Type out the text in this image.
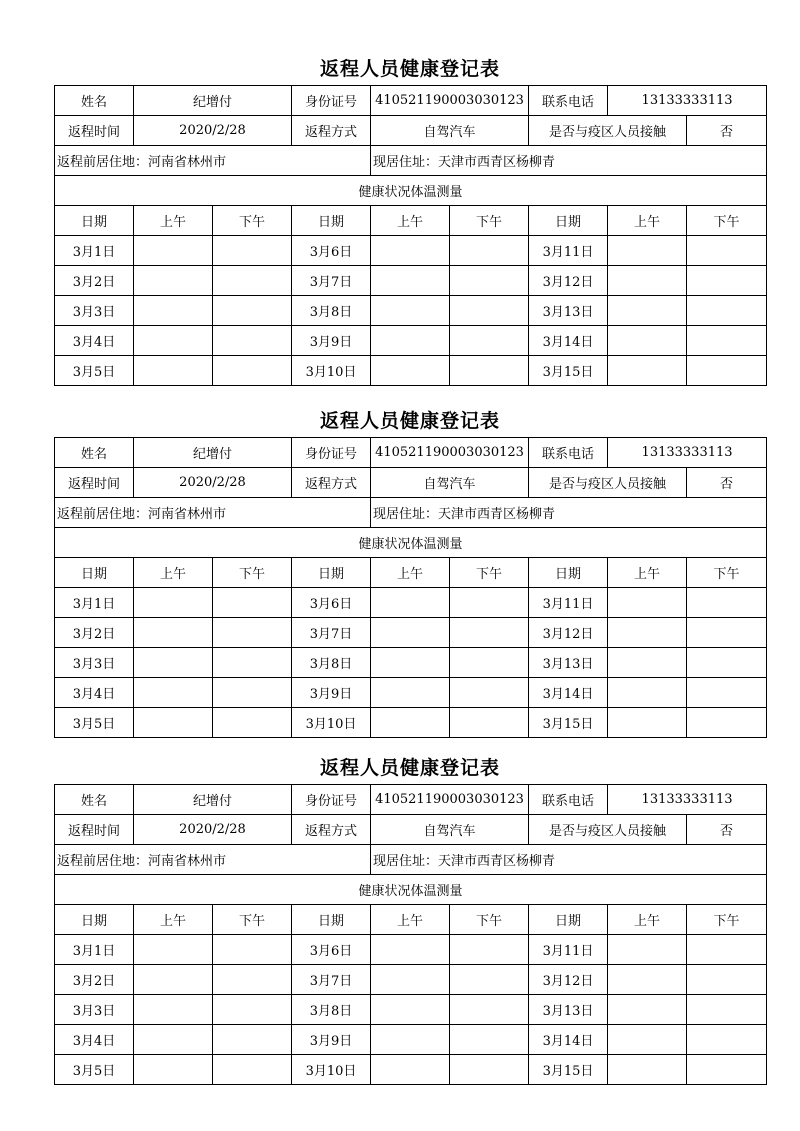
返程人员健康登记表
姓名	纪增付		身份证号	410521190003030123		联系电话	13133333113	
返程时间	2020/2/28		返程方式	自驾汽车		是否与疫区人员接触		否
返程前居住地：河南省林州市				现居住址：天津市西青区杨柳青				
健康状况体温测量								
日期	上午	下午	日期	上午	下午	日期	上午	下午
3月1日			3月6日			3月11日		
3月2日			3月7日			3月12日		
3月3日			3月8日			3月13日		
3月4日			3月9日			3月14日		
3月5日			3月10日			3月15日		
返程人员健康登记表
姓名	纪增付		身份证号	410521190003030123		联系电话	13133333113	
返程时间	2020/2/28		返程方式	自驾汽车		是否与疫区人员接触		否
返程前居住地：河南省林州市				现居住址：天津市西青区杨柳青				
健康状况体温测量								
日期	上午	下午	日期	上午	下午	日期	上午	下午
3月1日			3月6日			3月11日		
3月2日			3月7日			3月12日		
3月3日			3月8日			3月13日		
3月4日			3月9日			3月14日		
3月5日			3月10日			3月15日		
返程人员健康登记表
姓名	纪增付		身份证号	410521190003030123		联系电话	13133333113	
返程时间	2020/2/28		返程方式	自驾汽车		是否与疫区人员接触		否
返程前居住地：河南省林州市				现居住址：天津市西青区杨柳青				
健康状况体温测量								
日期	上午	下午	日期	上午	下午	日期	上午	下午
3月1日			3月6日			3月11日		
3月2日			3月7日			3月12日		
3月3日			3月8日			3月13日		
3月4日			3月9日			3月14日		
3月5日			3月10日			3月15日		
